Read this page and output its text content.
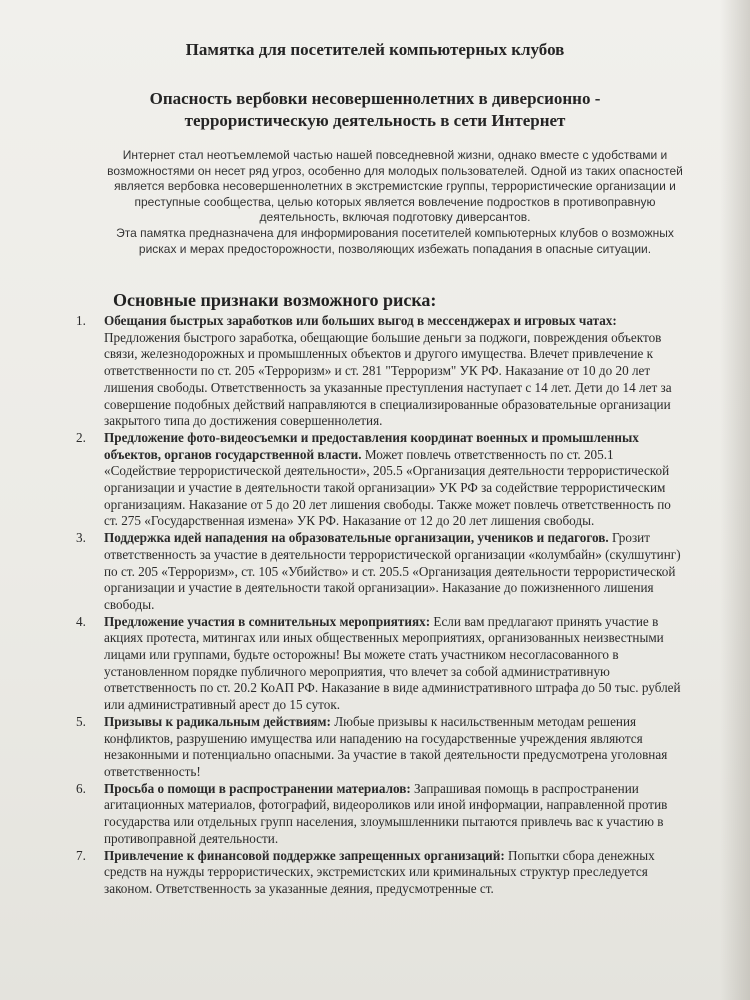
Памятка для посетителей компьютерных клубов
Опасность вербовки несовершеннолетних в диверсионно - террористическую деятельность в сети Интернет

Интернет стал неотъемлемой частью нашей повседневной жизни, однако вместе с удобствами и возможностями он несет ряд угроз, особенно для молодых пользователей. Одной из таких опасностей является вербовка несовершеннолетних в экстремистские группы, террористические организации и преступные сообщества, целью которых является вовлечение подростков в противоправную деятельность, включая подготовку диверсантов.

Эта памятка предназначена для информирования посетителей компьютерных клубов о возможных рисках и мерах предосторожности, позволяющих избежать попадания в опасные ситуации.

Основные признаки возможного риска:
1. Обещания быстрых заработков или больших выгод в мессенджерах и игровых чатах: Предложения быстрого заработка, обещающие большие деньги за поджоги, повреждения объектов связи, железнодорожных и промышленных объектов и другого имущества. Влечет привлечение к ответственности по ст. 205 «Терроризм» и ст. 281 "Терроризм" УК РФ. Наказание от 10 до 20 лет лишения свободы. Ответственность за указанные преступления наступает с 14 лет. Дети до 14 лет за совершение подобных действий направляются в специализированные образовательные организации закрытого типа до достижения совершеннолетия.
2. Предложение фото-видеосъемки и предоставления координат военных и промышленных объектов, органов государственной власти. Может повлечь ответственность по ст. 205.1 «Содействие террористической деятельности», 205.5 «Организация деятельности террористической организации и участие в деятельности такой организации» УК РФ за содействие террористическим организациям. Наказание от 5 до 20 лет лишения свободы. Также может повлечь ответственность по ст. 275 «Государственная измена» УК РФ. Наказание от 12 до 20 лет лишения свободы.
3. Поддержка идей нападения на образовательные организации, учеников и педагогов. Грозит ответственность за участие в деятельности террористической организации «колумбайн» (скулшутинг) по ст. 205 «Терроризм», ст. 105 «Убийство» и ст. 205.5 «Организация деятельности террористической организации и участие в деятельности такой организации». Наказание до пожизненного лишения свободы.
4. Предложение участия в сомнительных мероприятиях: Если вам предлагают принять участие в акциях протеста, митингах или иных общественных мероприятиях, организованных неизвестными лицами или группами, будьте осторожны! Вы можете стать участником несогласованного в установленном порядке публичного мероприятия, что влечет за собой административную ответственность по ст. 20.2 КоАП РФ. Наказание в виде административного штрафа до 50 тыс. рублей или административный арест до 15 суток.
5. Призывы к радикальным действиям: Любые призывы к насильственным методам решения конфликтов, разрушению имущества или нападению на государственные учреждения являются незаконными и потенциально опасными. За участие в такой деятельности предусмотрена уголовная ответственность!
6. Просьба о помощи в распространении материалов: Запрашивая помощь в распространении агитационных материалов, фотографий, видеороликов или иной информации, направленной против государства или отдельных групп населения, злоумышленники пытаются привлечь вас к участию в противоправной деятельности.
7. Привлечение к финансовой поддержке запрещенных организаций: Попытки сбора денежных средств на нужды террористических, экстремистских или криминальных структур преследуется законом. Ответственность за указанные деяния, предусмотренные ст.
